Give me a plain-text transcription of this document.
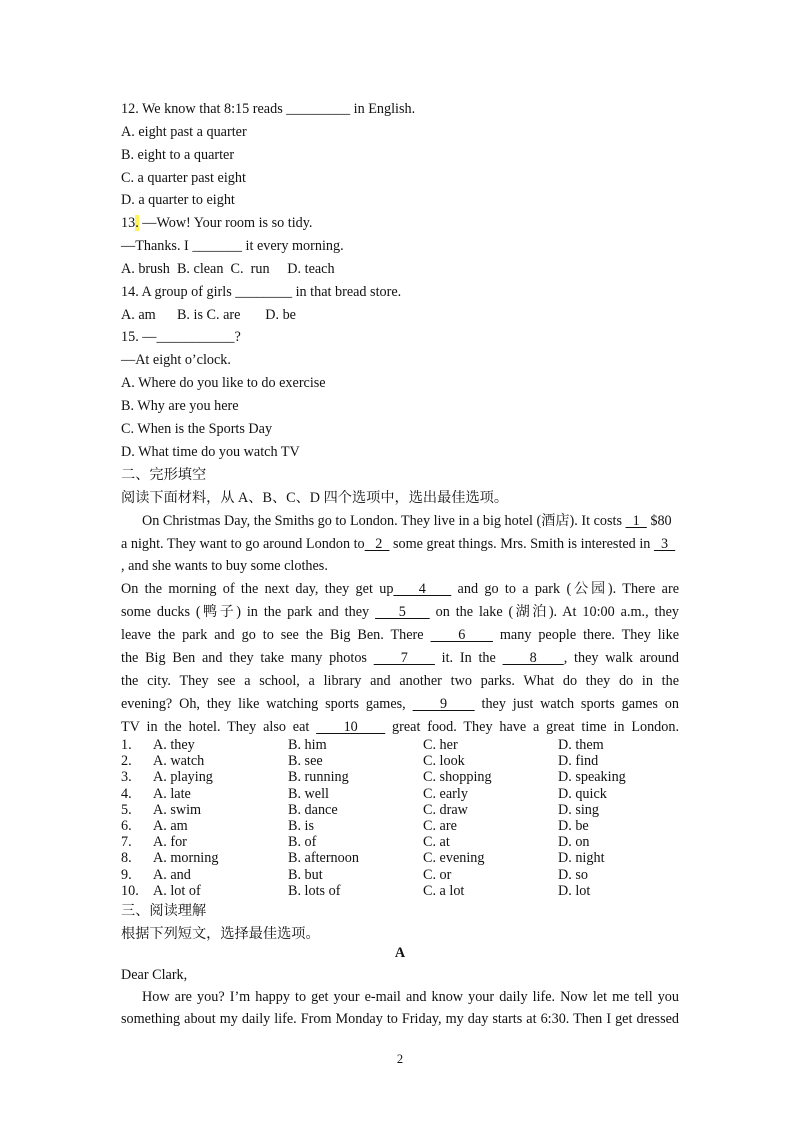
12. We know that 8:15 reads _________ in English.
A. eight past a quarter
B. eight to a quarter
C. a quarter past eight
D. a quarter to eight
13. —Wow! Your room is so tidy.
—Thanks. I _______ it every morning.
A. brush  B. clean  C.  run     D. teach
14. A group of girls ________ in that bread store.
A. am      B. is C. are       D. be
15. —___________?
—At eight o’clock.
A. Where do you like to do exercise
B. Why are you here
C. When is the Sports Day
D. What time do you watch TV
二、完形填空
阅读下面材料，从 A、B、C、D 四个选项中，选出最佳选项。
On Christmas Day, the Smiths go to London. They live in a big hotel (酒店). It costs   1   $80
a night. They want to go around London to   2   some great things. Mrs. Smith is interested in   3
, and she wants to buy some clothes.
On the morning of the next day, they get up    4     and go to a park (公园). There are
some ducks (鸭子) in the park and they     5     on the lake (湖泊). At 10:00 a.m., they
leave the park and go to see the Big Ben. There     6     many people there. They like
the Big Ben and they take many photos     7     it. In the     8    , they walk around
the city. They see a school, a library and another two parks. What do they do in the
evening? Oh, they like watching sports games,     9     they just watch sports games on
TV in the hotel. They also eat     10     great food. They have a great time in London.
1. A. they	B. him	C. her	D. them
2. A. watch	B. see	C. look	D. find
3. A. playing	B. running	C. shopping	D. speaking
4. A. late	B. well	C. early	D. quick
5. A. swim	B. dance	C. draw	D. sing
6. A. am	B. is	C. are	D. be
7. A. for	B. of	C. at	D. on
8. A. morning	B. afternoon	C. evening	D. night
9. A. and	B. but	C. or	D. so
10. A. lot of	B. lots of	C. a lot	D. lot
三、阅读理解
根据下列短文，选择最佳选项。
A
Dear Clark,
How are you? I’m happy to get your e-mail and know your daily life. Now let me tell you
something about my daily life. From Monday to Friday, my day starts at 6:30. Then I get dressed
2
